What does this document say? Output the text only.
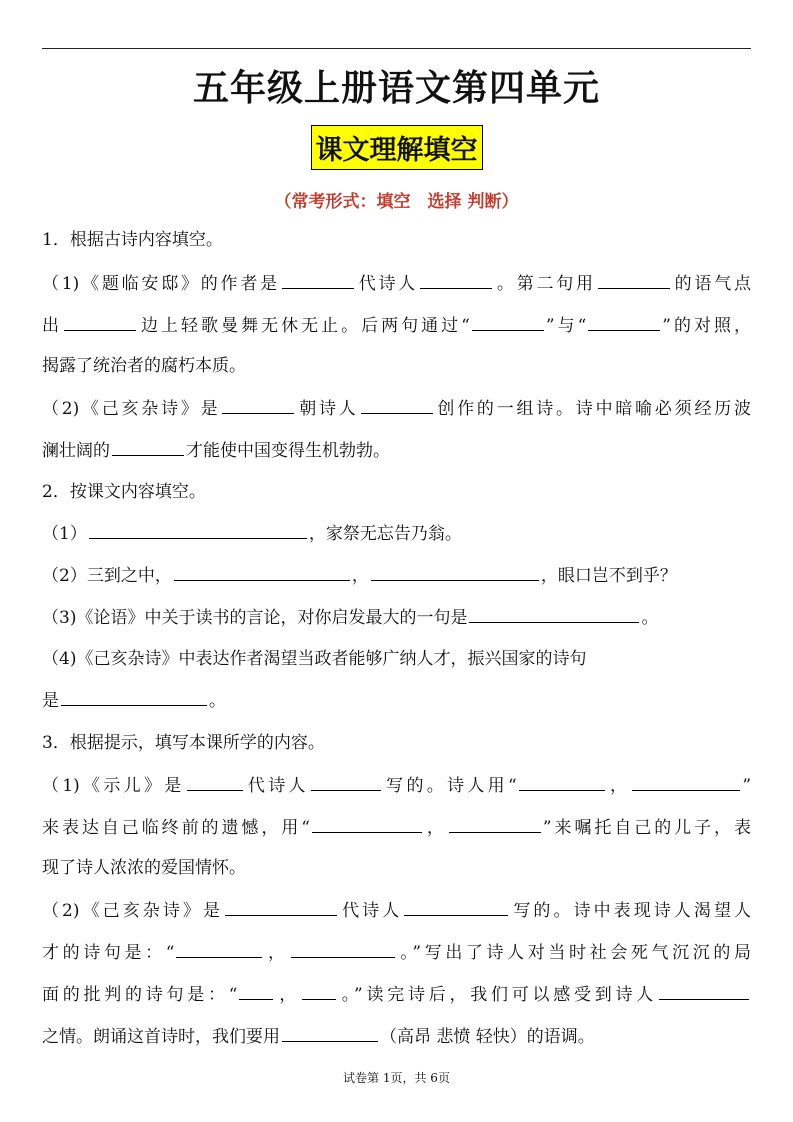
五年级上册语文第四单元
课文理解填空
（常考形式：填空　选择 判断）
1．根据古诗内容填空。
（1)《题临安邸》的作者是	代诗人	。第二句用	的语气点
出	边上轻歌曼舞无休无止。后两句通过“	”与“	”的对照，
揭露了统治者的腐朽本质。
（2)《己亥杂诗》是	朝诗人	创作的一组诗。诗中暗喻必须经历波
澜壮阔的	才能使中国变得生机勃勃。
2．按课文内容填空。
（1）	，家祭无忘告乃翁。
（2）三到之中，	，	，眼口岂不到乎？
（3)《论语》中关于读书的言论，对你启发最大的一句是	。
（4)《己亥杂诗》中表达作者渴望当政者能够广纳人才，振兴国家的诗句
是	。
3．根据提示，填写本课所学的内容。
（1)《示儿》是	代诗人	写的。诗人用“	，	”
来表达自己临终前的遗憾，用“	，	”来嘱托自己的儿子，表
现了诗人浓浓的爱国情怀。
（2)《己亥杂诗》是	代诗人	写的。诗中表现诗人渴望人
才的诗句是：“	，	。”写出了诗人对当时社会死气沉沉的局
面的批判的诗句是：“ ， 。”读完诗后，我们可以感受到诗人
之情。朗诵这首诗时，我们要用	（高昂 悲愤 轻快）的语调。
试卷第 1页，共 6页
